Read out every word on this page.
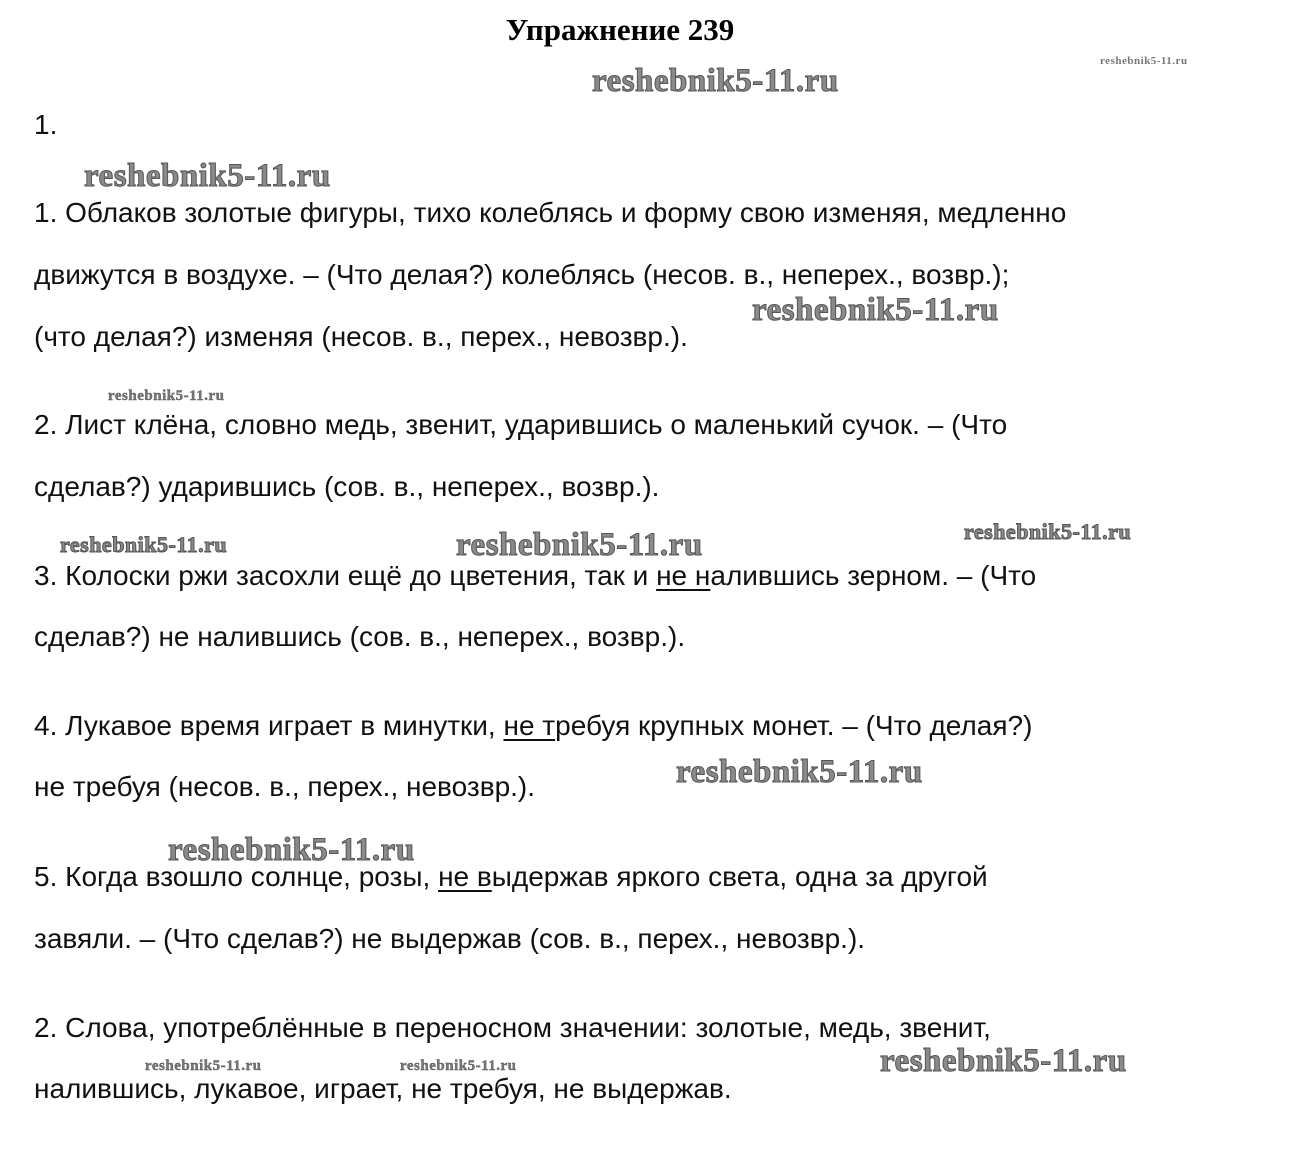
Упражнение 239
1.
1. Облаков золотые фигуры, тихо колеблясь и форму свою изменяя, медленно
движутся в воздухе. – (Что делая?) колеблясь (несов. в., неперех., возвр.);
(что делая?) изменяя (несов. в., перех., невозвр.).
2. Лист клёна, словно медь, звенит, ударившись о маленький сучок. – (Что
сделав?) ударившись (сов. в., неперех., возвр.).
3. Колоски ржи засохли ещё до цветения, так и не налившись зерном. – (Что
сделав?) не налившись (сов. в., неперех., возвр.).
4. Лукавое время играет в минутки, не требуя крупных монет. – (Что делая?)
не требуя (несов. в., перех., невозвр.).
5. Когда взошло солнце, розы, не выдержав яркого света, одна за другой
завяли. – (Что сделав?) не выдержав (сов. в., перех., невозвр.).
2. Слова, употреблённые в переносном значении: золотые, медь, звенит,
налившись, лукавое, играет, не требуя, не выдержав.
reshebnik5-11.ru
reshebnik5-11.ru
reshebnik5-11.ru
reshebnik5-11.ru
reshebnik5-11.ru
reshebnik5-11.ru	reshebnik5-11.ru	reshebnik5-11.ru
reshebnik5-11.ru
reshebnik5-11.ru
reshebnik5-11.ru	reshebnik5-11.ru	reshebnik5-11.ru
